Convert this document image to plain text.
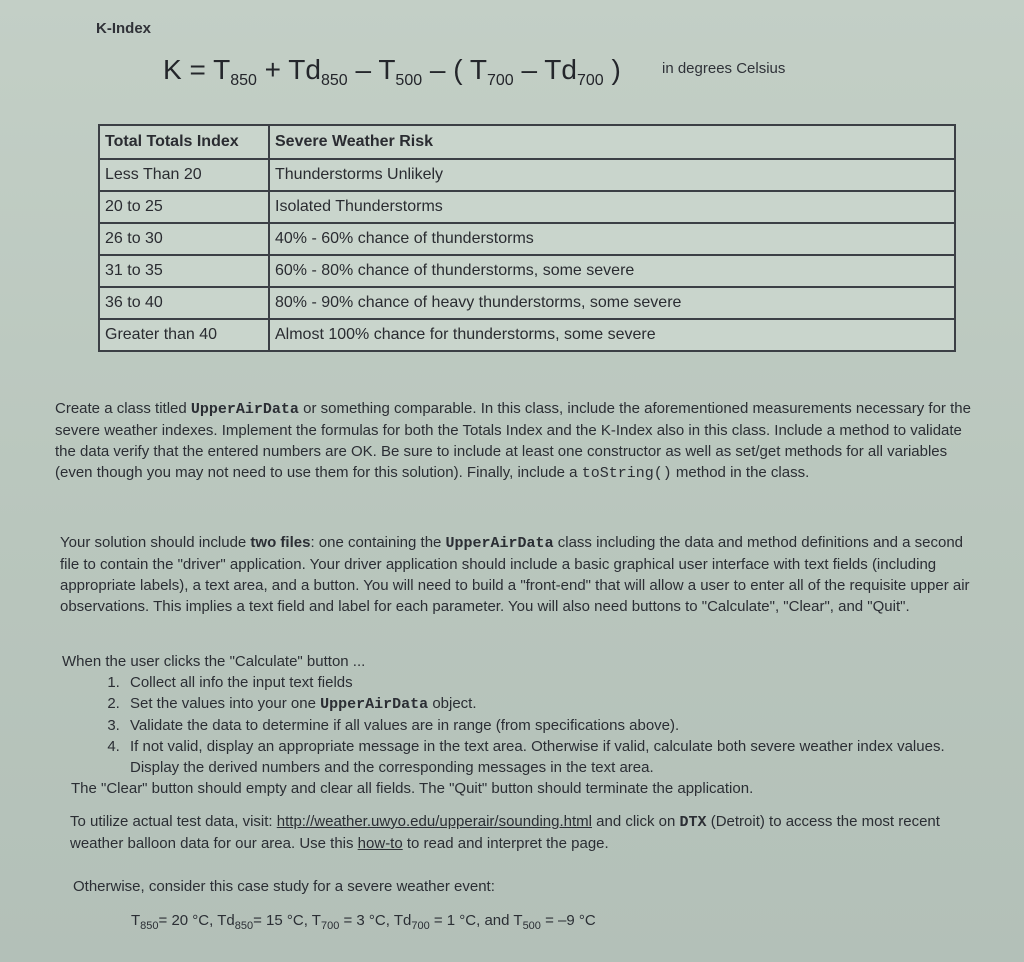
K-Index
$K = T_{850} + Td_{850} - T_{500}$ – ( $T_{700} - Td_{700}$ )	in degrees Celsius
Total Totals Index	Severe Weather Risk
Less Than 20	Thunderstorms Unlikely
20 to 25	Isolated Thunderstorms
26 to 30	40% - 60% chance of thunderstorms
31 to 35	60% - 80% chance of thunderstorms, some severe
36 to 40	80% - 90% chance of heavy thunderstorms, some severe
Greater than 40	Almost 100% chance for thunderstorms, some severe

Create a class titled UpperAirData or something comparable. In this class, include the aforementioned measurements necessary for the severe weather indexes. Implement the formulas for both the Totals Index and the K-Index also in this class. Include a method to validate the data verify that the entered numbers are OK. Be sure to include at least one constructor as well as set/get methods for all variables (even though you may not need to use them for this solution). Finally, include a toString() method in the class.

Your solution should include two files: one containing the UpperAirData class including the data and method definitions and a second file to contain the "driver" application. Your driver application should include a basic graphical user interface with text fields (including appropriate labels), a text area, and a button. You will need to build a "front-end" that will allow a user to enter all of the requisite upper air observations. This implies a text field and label for each parameter. You will also need buttons to "Calculate", "Clear", and "Quit".

When the user clicks the "Calculate" button ...
1. Collect all info the input text fields
2. Set the values into your one UpperAirData object.
3. Validate the data to determine if all values are in range (from specifications above).
4. If not valid, display an appropriate message in the text area. Otherwise if valid, calculate both severe weather index values. Display the derived numbers and the corresponding messages in the text area.
The "Clear" button should empty and clear all fields. The "Quit" button should terminate the application.

To utilize actual test data, visit: http://weather.uwyo.edu/upperair/sounding.html and click on DTX (Detroit) to access the most recent weather balloon data for our area. Use this how-to to read and interpret the page.

Otherwise, consider this case study for a severe weather event:

$T_{850}= 20$ °C, $Td_{850}= 15$ °C, $T_{700} = 3$ °C, $Td_{700} = 1$ °C, and $T_{500} = -9$ °C
